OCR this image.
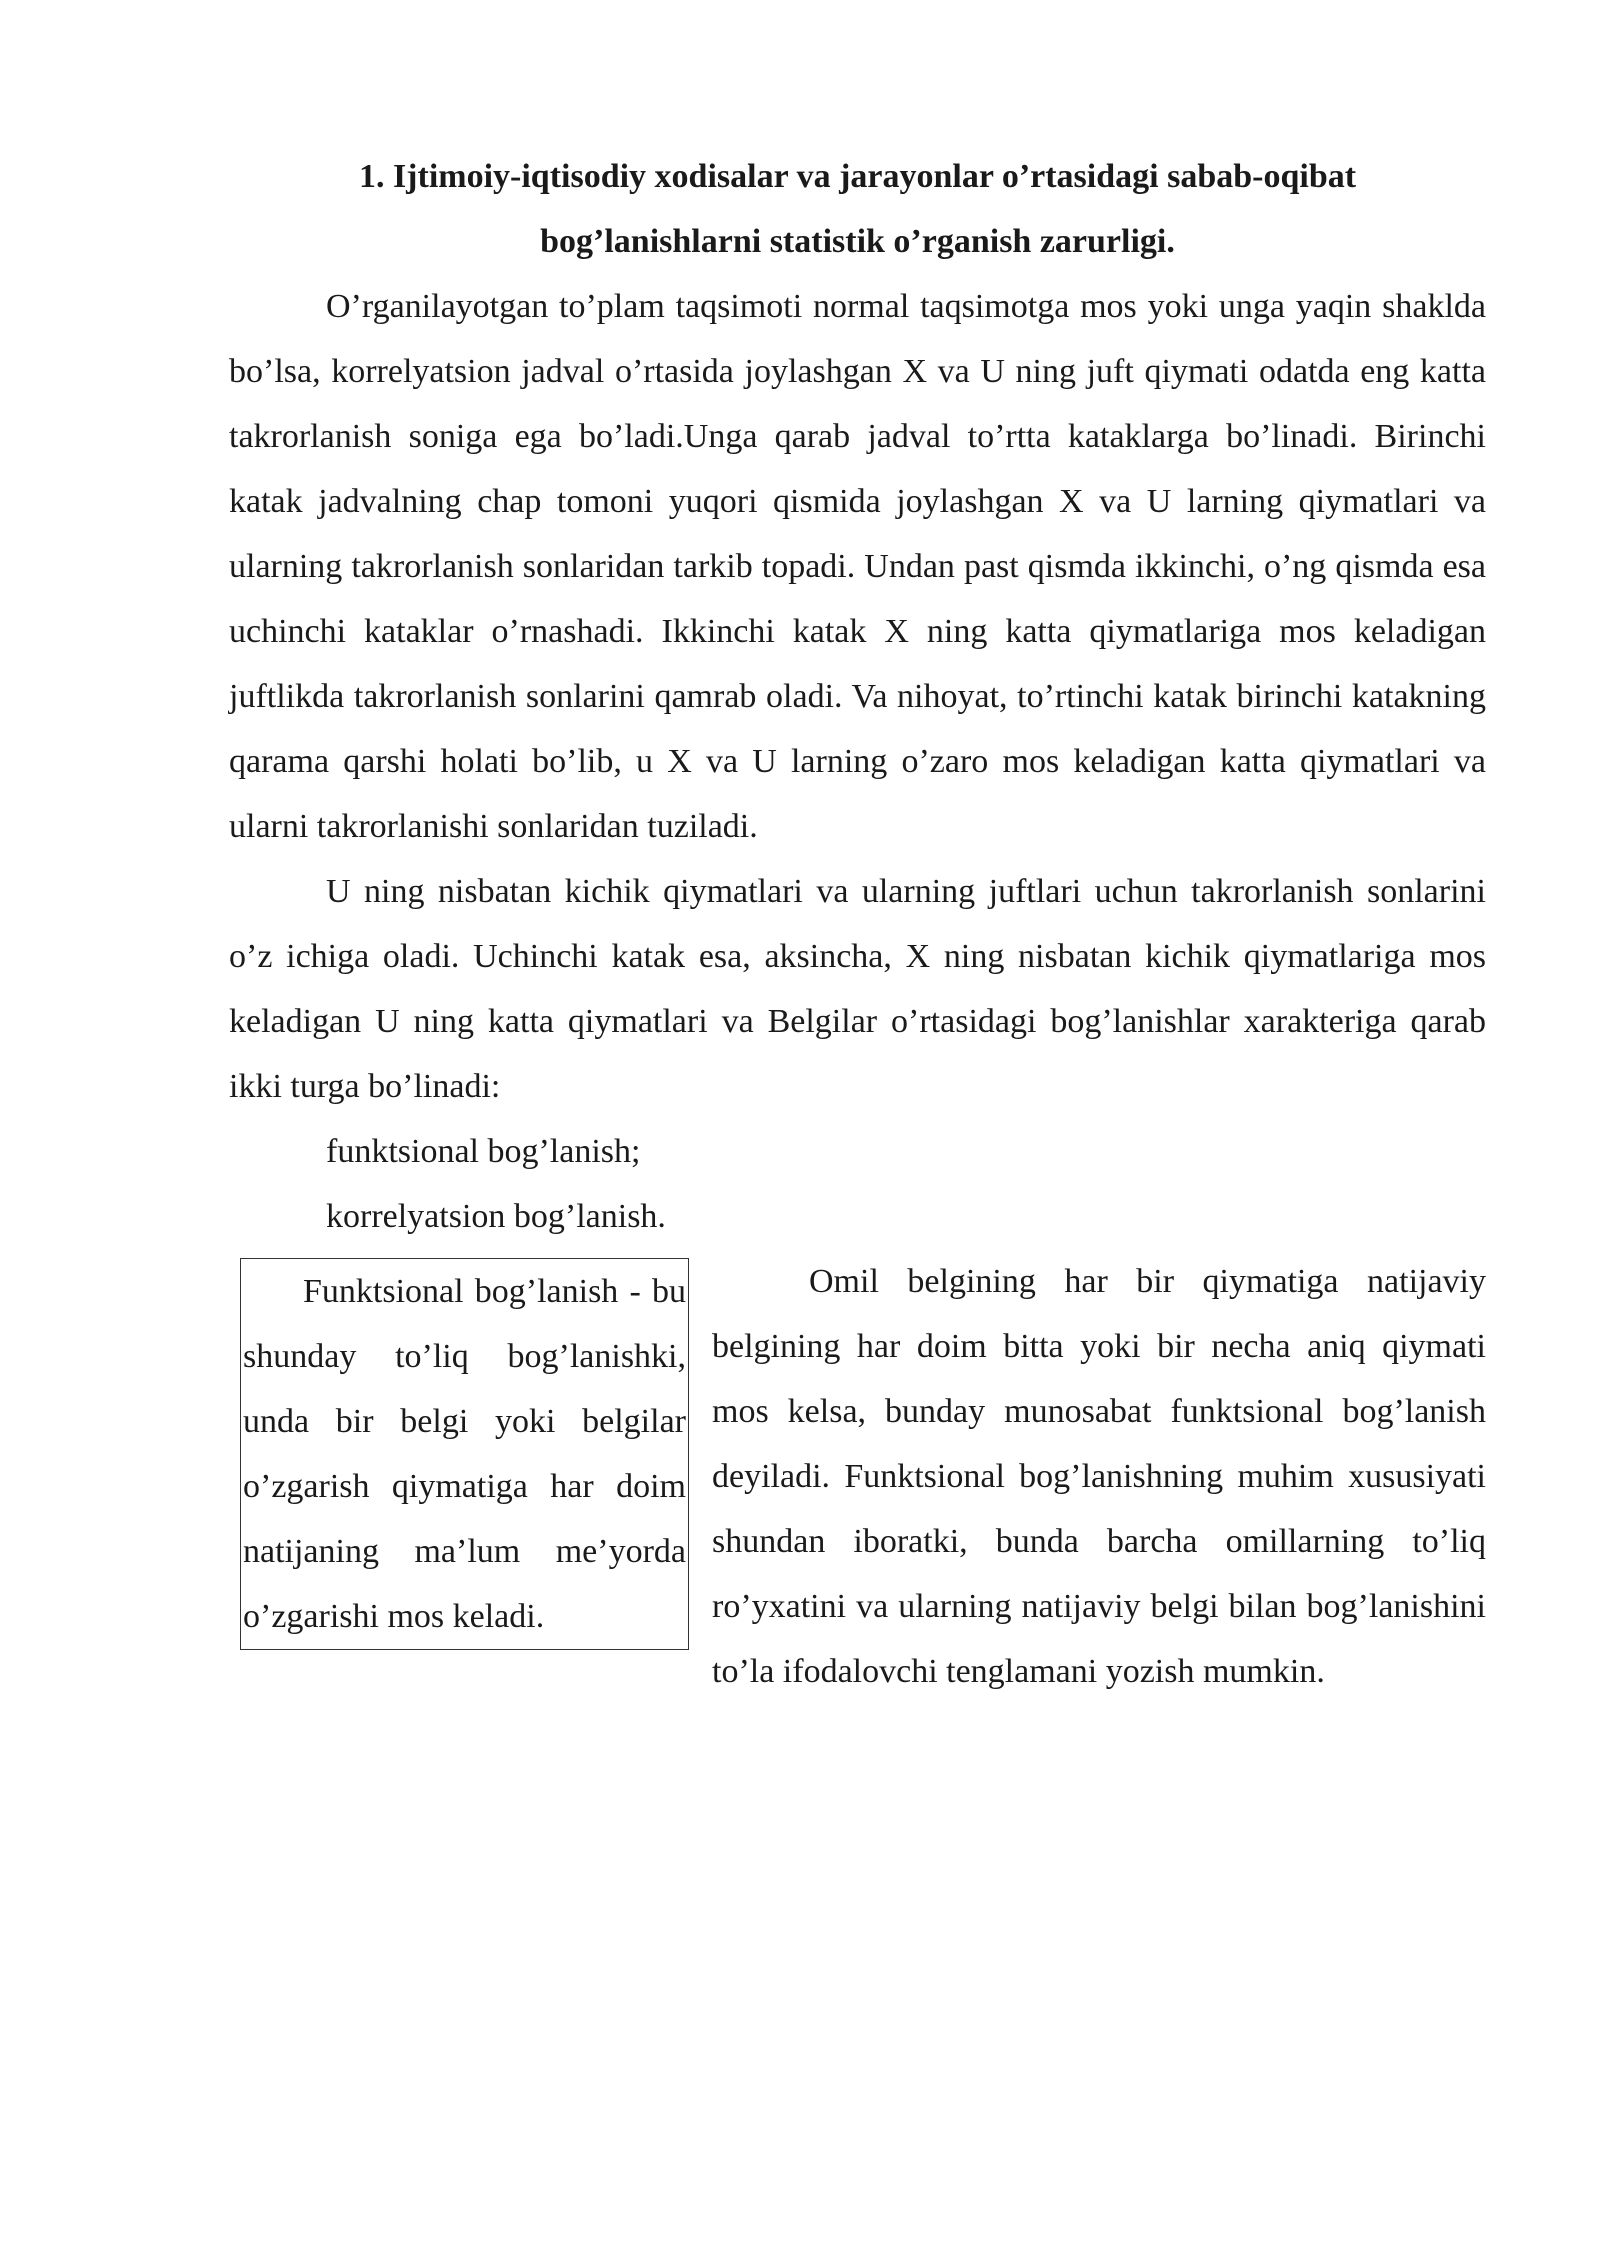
1. Ijtimoiy-iqtisodiy xodisalar va jarayonlar o’rtasidagi sabab-oqibat
bog’lanishlarni statistik o’rganish zarurligi.

O’rganilayotgan to’plam taqsimoti normal taqsimotga mos yoki unga yaqin shaklda bo’lsa, korrelyatsion jadval o’rtasida joylashgan X va U ning juft qiymati odatda eng katta takrorlanish soniga ega bo’ladi.Unga qarab jadval to’rtta kataklarga bo’linadi. Birinchi katak jadvalning chap tomoni yuqori qismida joylashgan X va U larning qiymatlari va ularning takrorlanish sonlaridan tarkib topadi. Undan past qismda ikkinchi, o’ng qismda esa uchinchi kataklar o’rnashadi. Ikkinchi katak X ning katta qiymatlariga mos keladigan juftlikda takrorlanish sonlarini qamrab oladi. Va nihoyat, to’rtinchi katak birinchi katakning qarama qarshi holati bo’lib, u X va U larning o’zaro mos keladigan katta qiymatlari va ularni takrorlanishi sonlaridan tuziladi.

U ning nisbatan kichik qiymatlari va ularning juftlari uchun takrorlanish sonlarini o’z ichiga oladi. Uchinchi katak esa, aksincha, X ning nisbatan kichik qiymatlariga mos keladigan U ning katta qiymatlari va Belgilar o’rtasidagi bog’lanishlar xarakteriga qarab ikki turga bo’linadi:

funktsional bog’lanish;

korrelyatsion bog’lanish.

Funktsional bog’lanish - bu shunday to’liq bog’lanishki, unda bir belgi yoki belgilar o’zgarish qiymatiga har doim natijaning ma’lum me’yorda o’zgarishi mos keladi.

Omil belgining har bir qiymatiga natijaviy belgining har doim bitta yoki bir necha aniq qiymati mos kelsa, bunday munosabat funktsional bog’lanish deyiladi. Funktsional bog’lanishning muhim xususiyati shundan iboratki, bunda barcha omillarning to’liq ro’yxatini va ularning natijaviy belgi bilan bog’lanishini to’la ifodalovchi tenglamani yozish mumkin.
